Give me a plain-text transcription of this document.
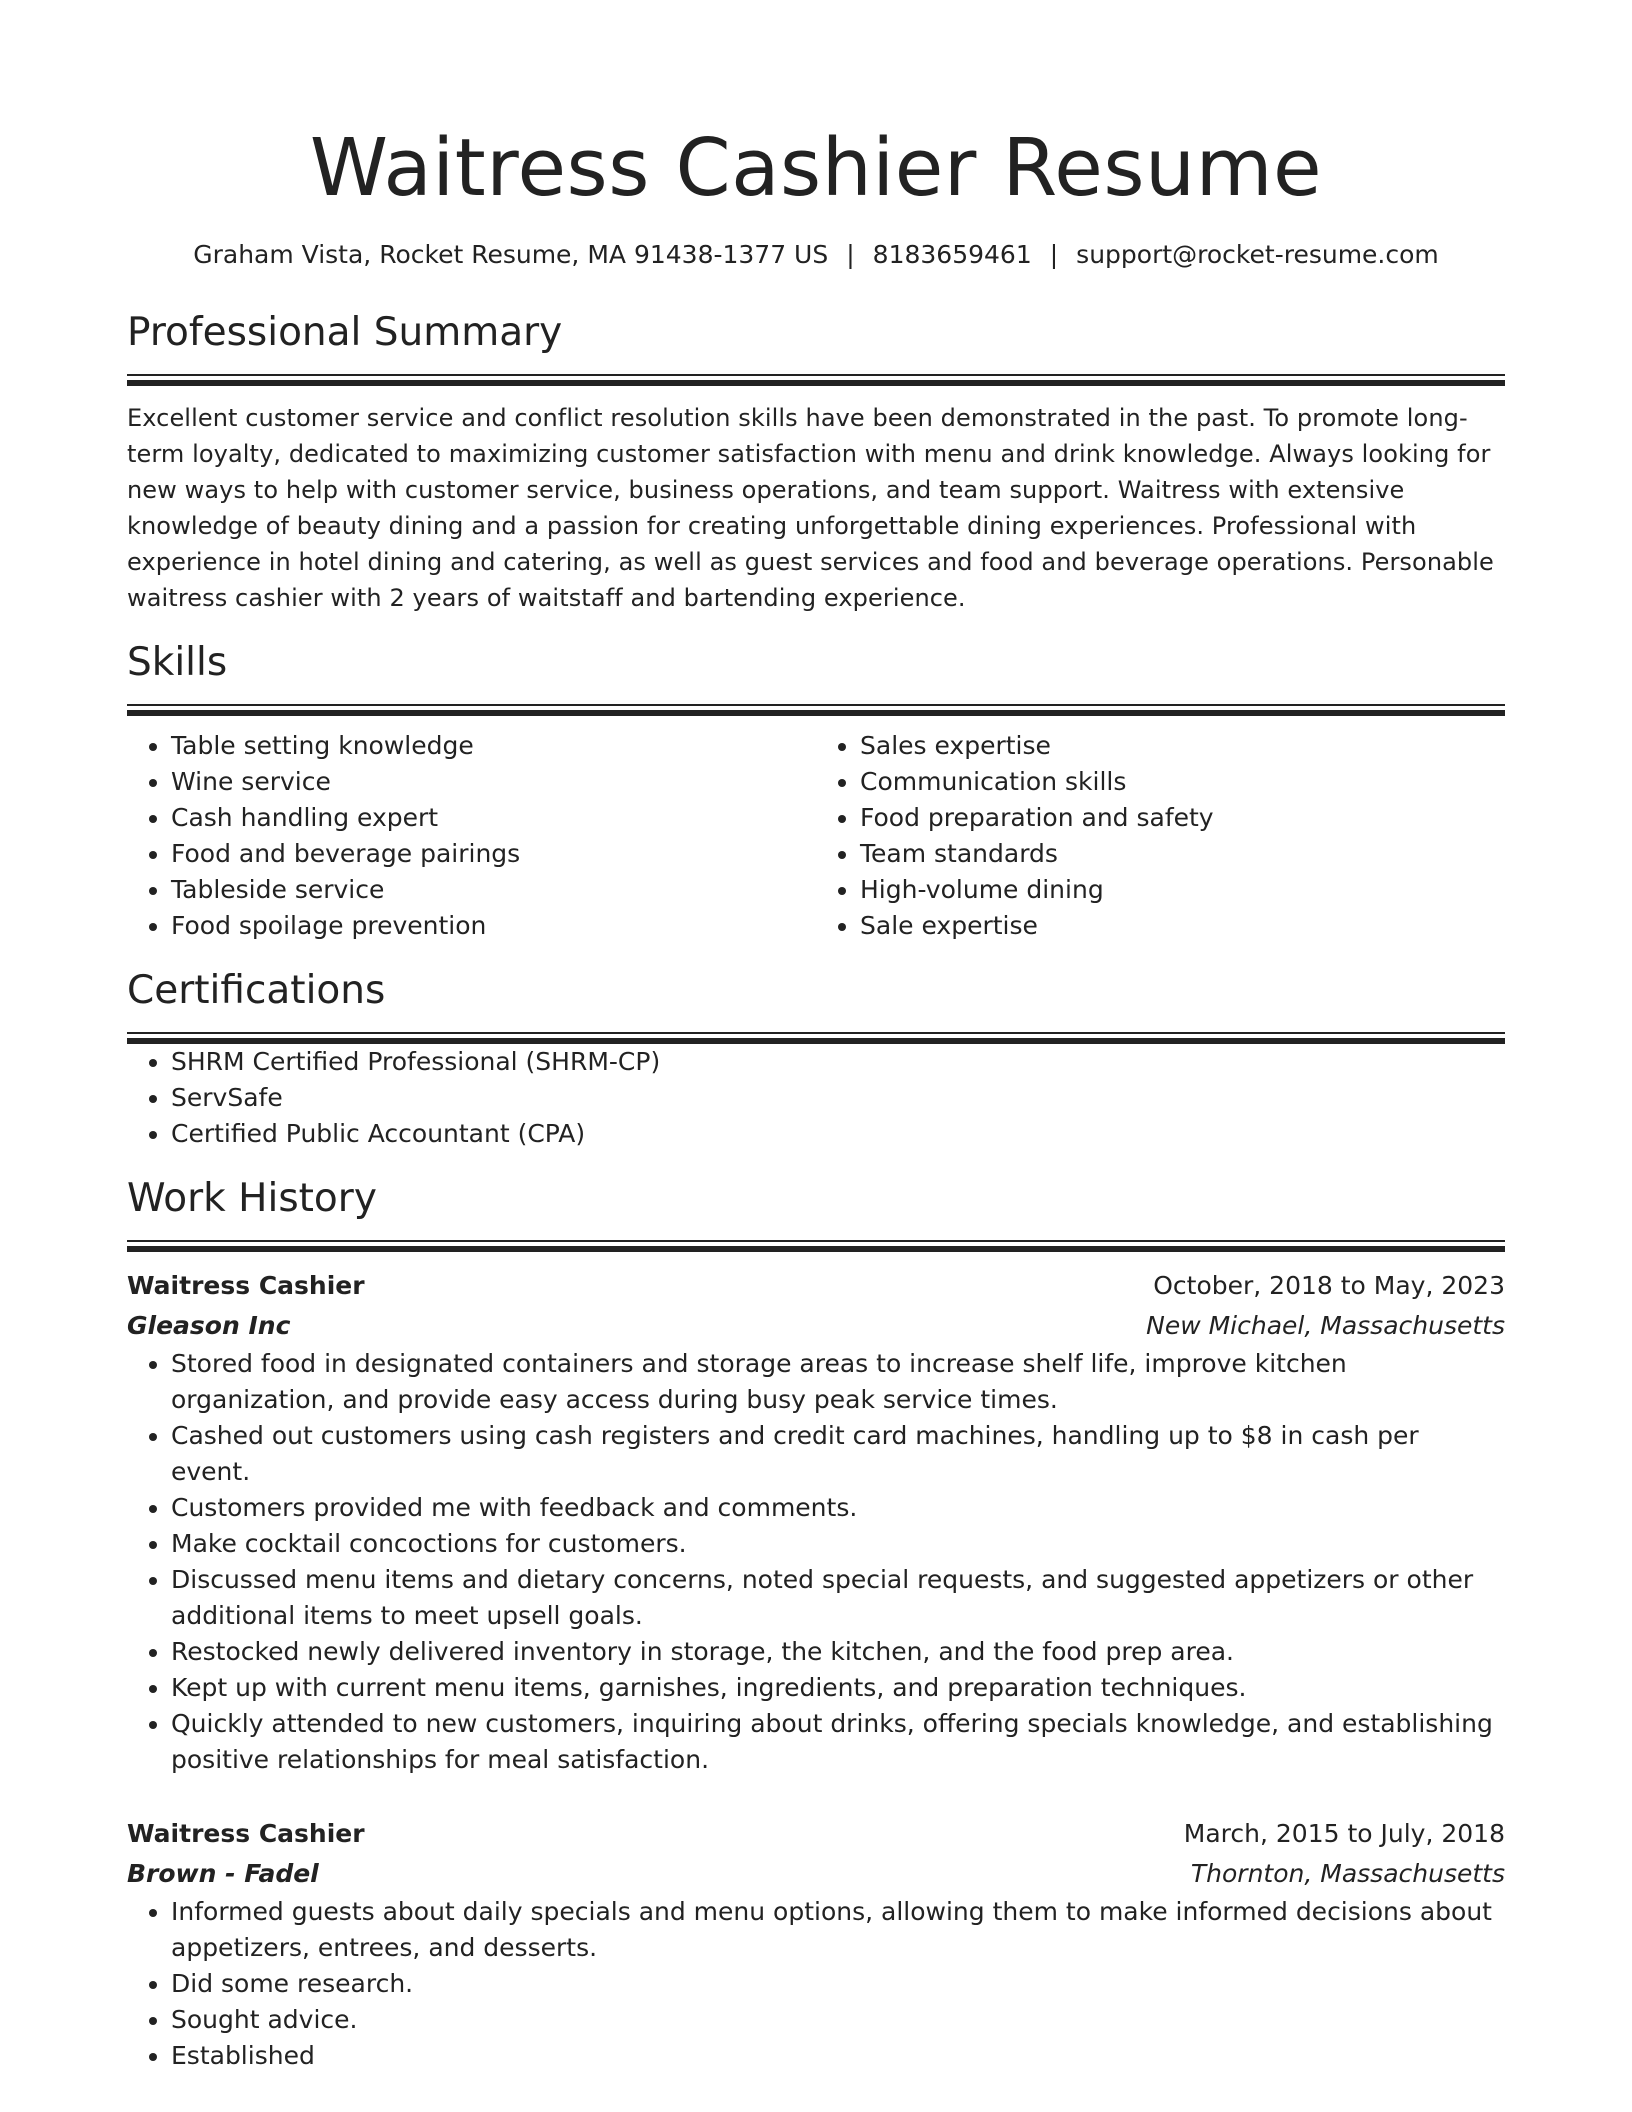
Waitress Cashier Resume
Graham Vista, Rocket Resume, MA 91438-1377 US | 8183659461 | support@rocket-resume.com
Professional Summary

Excellent customer service and conflict resolution skills have been demonstrated in the past. To promote long-term loyalty, dedicated to maximizing customer satisfaction with menu and drink knowledge. Always looking for new ways to help with customer service, business operations, and team support. Waitress with extensive knowledge of beauty dining and a passion for creating unforgettable dining experiences. Professional with experience in hotel dining and catering, as well as guest services and food and beverage operations. Personable waitress cashier with 2 years of waitstaff and bartending experience.

Skills
• Table setting knowledge
• Wine service
• Cash handling expert
• Food and beverage pairings
• Tableside service
• Food spoilage prevention
• Sales expertise
• Communication skills
• Food preparation and safety
• Team standards
• High-volume dining
• Sale expertise
Certifications
• SHRM Certified Professional (SHRM-CP)
• ServSafe
• Certified Public Accountant (CPA)
Work History
Waitress Cashier	October, 2018 to May, 2023
Gleason Inc	New Michael, Massachusetts
• Stored food in designated containers and storage areas to increase shelf life, improve kitchen organization, and provide easy access during busy peak service times.
• Cashed out customers using cash registers and credit card machines, handling up to $8 in cash per event.
• Customers provided me with feedback and comments.
• Make cocktail concoctions for customers.
• Discussed menu items and dietary concerns, noted special requests, and suggested appetizers or other additional items to meet upsell goals.
• Restocked newly delivered inventory in storage, the kitchen, and the food prep area.
• Kept up with current menu items, garnishes, ingredients, and preparation techniques.
• Quickly attended to new customers, inquiring about drinks, offering specials knowledge, and establishing positive relationships for meal satisfaction.
Waitress Cashier	March, 2015 to July, 2018
Brown - Fadel	Thornton, Massachusetts
• Informed guests about daily specials and menu options, allowing them to make informed decisions about appetizers, entrees, and desserts.
• Did some research.
• Sought advice.
• Established
